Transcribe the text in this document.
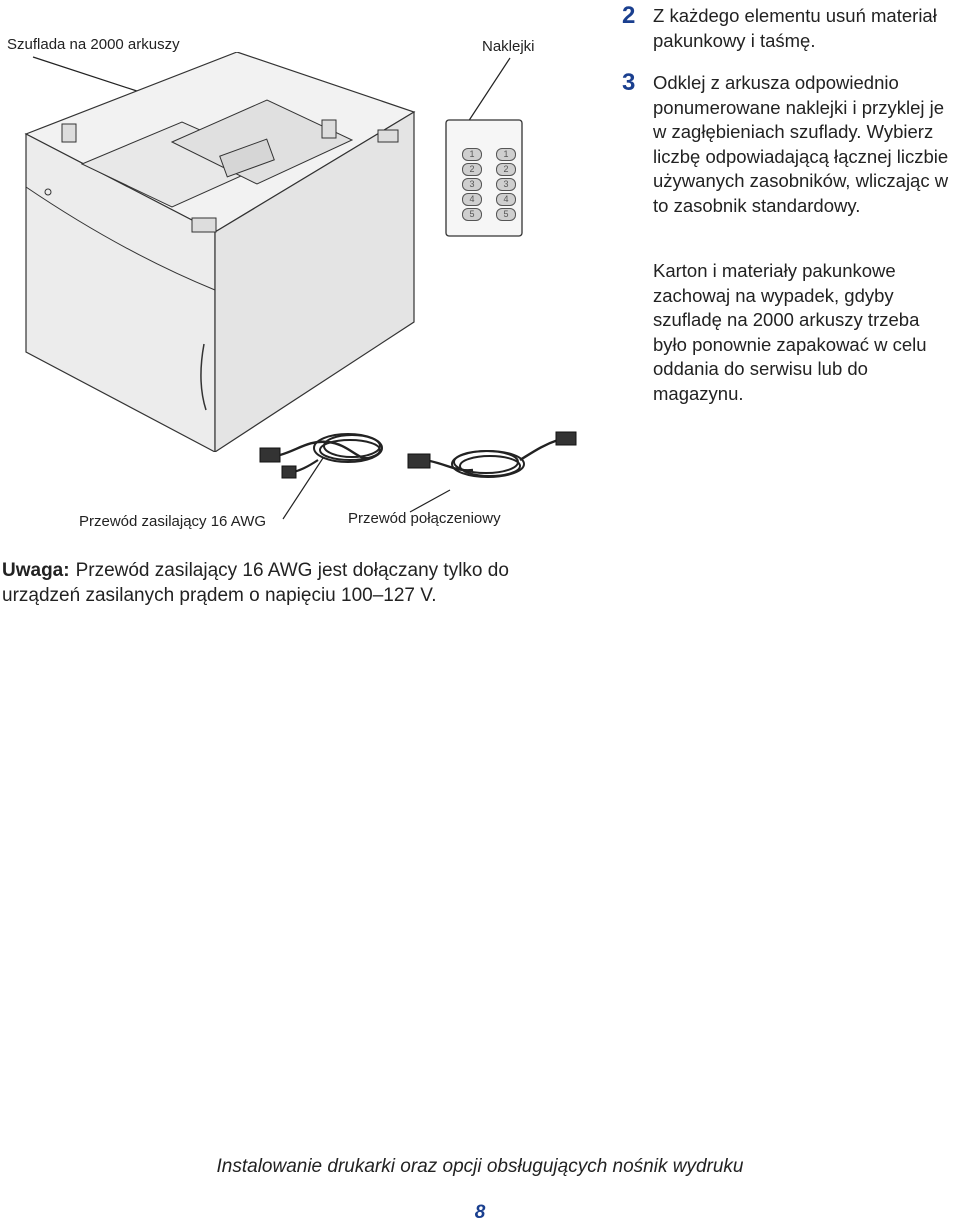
Szuflada na 2000 arkuszy	Naklejki
Przewód zasilający 16 AWG	Przewód połączeniowy
1
2
3
4
5
1
2
3
4
5
2 Z każdego elementu usuń materiał pakunkowy i taśmę.
3 Odklej z arkusza odpowiednio ponumerowane naklejki i przyklej je w zagłębieniach szuflady. Wybierz liczbę odpowiadającą łącznej liczbie używanych zasobników, wliczając w to zasobnik standardowy.
Karton i materiały pakunkowe zachowaj na wypadek, gdyby szufladę na 2000 arkuszy trzeba było ponownie zapakować w celu oddania do serwisu lub do magazynu.
Uwaga: Przewód zasilający 16 AWG jest dołączany tylko do urządzeń zasilanych prądem o napięciu 100–127 V.
Instalowanie drukarki oraz opcji obsługujących nośnik wydruku
8
